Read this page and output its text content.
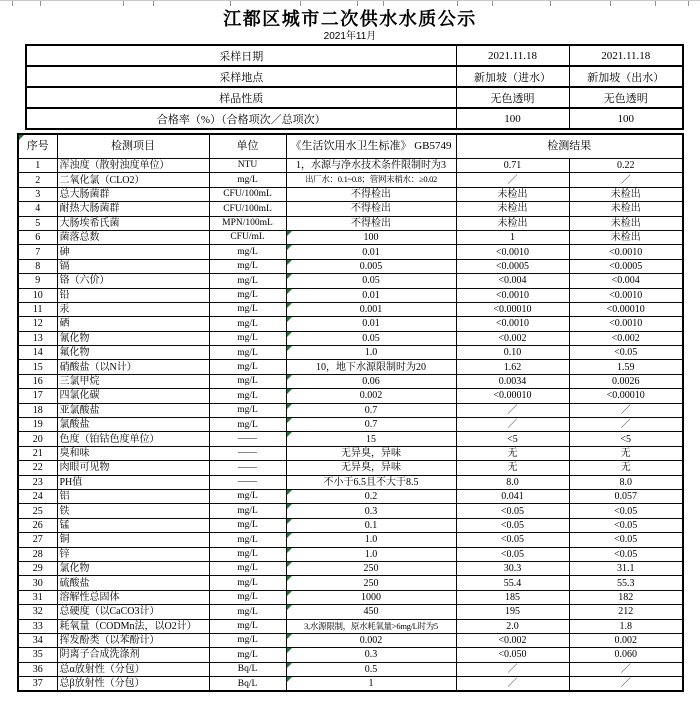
江都区城市二次供水水质公示
2021年11月
采样日期	2021.11.18	2021.11.18
采样地点	新加坡（进水）	新加坡（出水）
样品性质	无色透明	无色透明
合格率（%）（合格项次／总项次）	100	100
序号	检测项目	单位	《生活饮用水卫生标准》 GB5749	检测结果	
1	浑浊度（散射浊度单位）	NTU	1，水源与净水技术条件限制时为3	0.71	0.22
2	二氧化氯（CLO2）	mg/L	出厂水：0.1~0.8；管网末梢水：≥0.02	／	／
3	总大肠菌群	CFU/100mL	不得检出	未检出	未检出
4	耐热大肠菌群	CFU/100mL	不得检出	未检出	未检出
5	大肠埃希氏菌	MPN/100mL	不得检出	未检出	未检出
6	菌落总数	CFU/mL	100	1	未检出
7	砷	mg/L	0.01	<0.0010	<0.0010
8	镉	mg/L	0.005	<0.0005	<0.0005
9	铬（六价）	mg/L	0.05	<0.004	<0.004
10	铅	mg/L	0.01	<0.0010	<0.0010
11	汞	mg/L	0.001	<0.00010	<0.00010
12	硒	mg/L	0.01	<0.0010	<0.0010
13	氰化物	mg/L	0.05	<0.002	<0.002
14	氟化物	mg/L	1.0	0.10	<0.05
15	硝酸盐（以N计）	mg/L	10，地下水源限制时为20	1.62	1.59
16	三氯甲烷	mg/L	0.06	0.0034	0.0026
17	四氯化碳	mg/L	0.002	<0.00010	<0.00010
18	亚氯酸盐	mg/L	0.7	／	／
19	氯酸盐	mg/L	0.7	／	／
20	色度（铂钴色度单位）	——	15	<5	<5
21	臭和味	——	无异臭，异味	无	无
22	肉眼可见物	——	无异臭，异味	无	无
23	PH值	——	不小于6.5且不大于8.5	8.0	8.0
24	铝	mg/L	0.2	0.041	0.057
25	铁	mg/L	0.3	<0.05	<0.05
26	锰	mg/L	0.1	<0.05	<0.05
27	铜	mg/L	1.0	<0.05	<0.05
28	锌	mg/L	1.0	<0.05	<0.05
29	氯化物	mg/L	250	30.3	31.1
30	硫酸盐	mg/L	250	55.4	55.3
31	溶解性总固体	mg/L	1000	185	182
32	总硬度（以CaCO3计）	mg/L	450	195	212
33	耗氧量（CODMn法，以O2计）	mg/L	3,水源限制，原水耗氧量>6mg/L时为5	2.0	1.8
34	挥发酚类（以苯酚计）	mg/L	0.002	<0.002	0.002
35	阴离子合成洗涤剂	mg/L	0.3	<0.050	0.060
36	总α放射性（分包）	Bq/L	0.5	／	／
37	总β放射性（分包）	Bq/L	1	／	／
